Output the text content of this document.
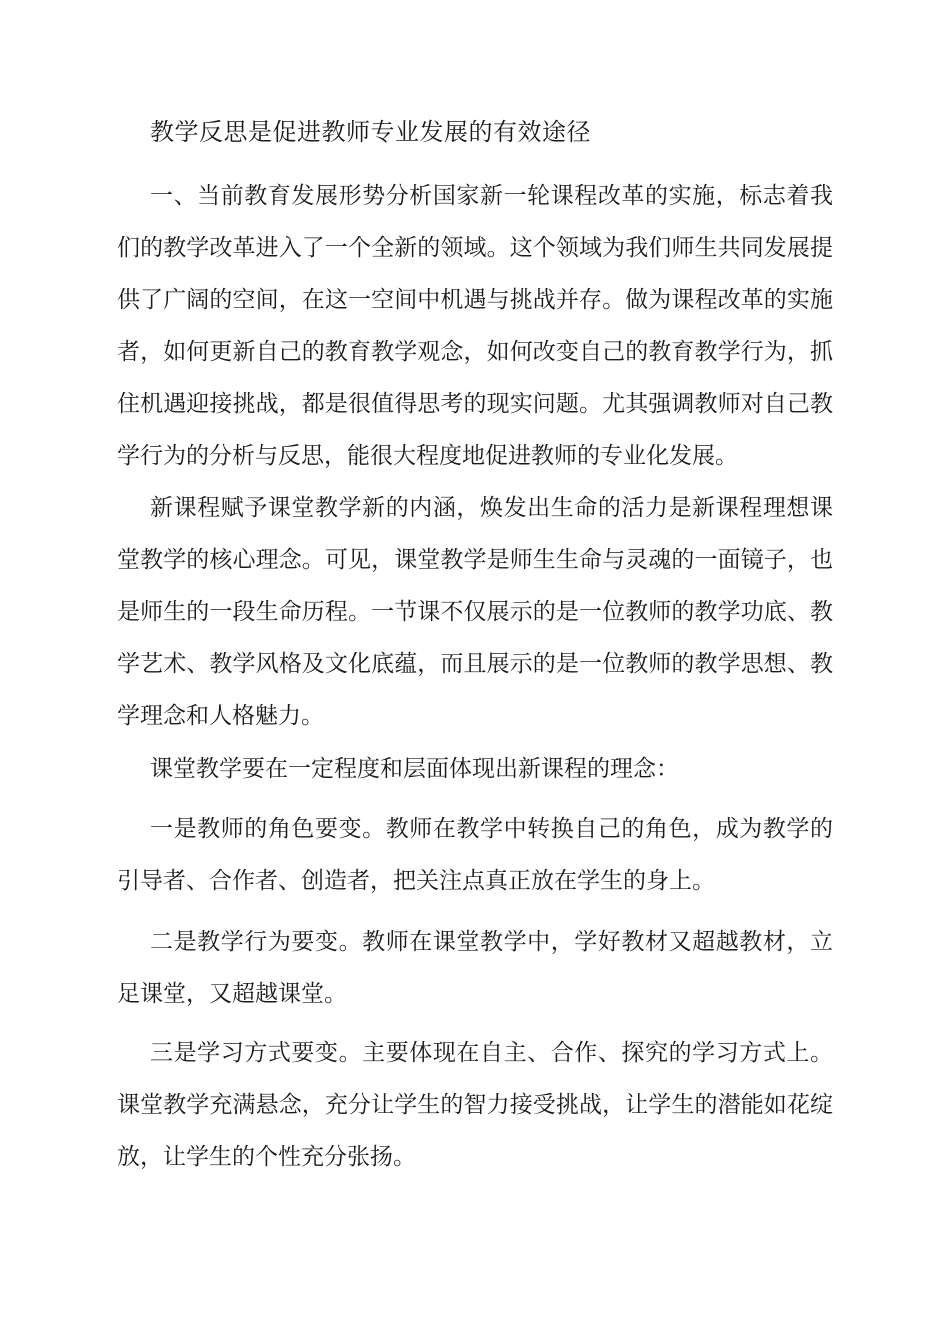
教学反思是促进教师专业发展的有效途径

一、当前教育发展形势分析国家新一轮课程改革的实施，标志着我们的教学改革进入了一个全新的领域。这个领域为我们师生共同发展提供了广阔的空间，在这一空间中机遇与挑战并存。做为课程改革的实施者，如何更新自己的教育教学观念，如何改变自己的教育教学行为，抓住机遇迎接挑战，都是很值得思考的现实问题。尤其强调教师对自己教学行为的分析与反思，能很大程度地促进教师的专业化发展。

新课程赋予课堂教学新的内涵，焕发出生命的活力是新课程理想课堂教学的核心理念。可见，课堂教学是师生生命与灵魂的一面镜子，也是师生的一段生命历程。一节课不仅展示的是一位教师的教学功底、教学艺术、教学风格及文化底蕴，而且展示的是一位教师的教学思想、教学理念和人格魅力。

课堂教学要在一定程度和层面体现出新课程的理念：

一是教师的角色要变。教师在教学中转换自己的角色，成为教学的引导者、合作者、创造者，把关注点真正放在学生的身上。

二是教学行为要变。教师在课堂教学中，学好教材又超越教材，立足课堂，又超越课堂。

三是学习方式要变。主要体现在自主、合作、探究的学习方式上。课堂教学充满悬念，充分让学生的智力接受挑战，让学生的潜能如花绽放，让学生的个性充分张扬。
